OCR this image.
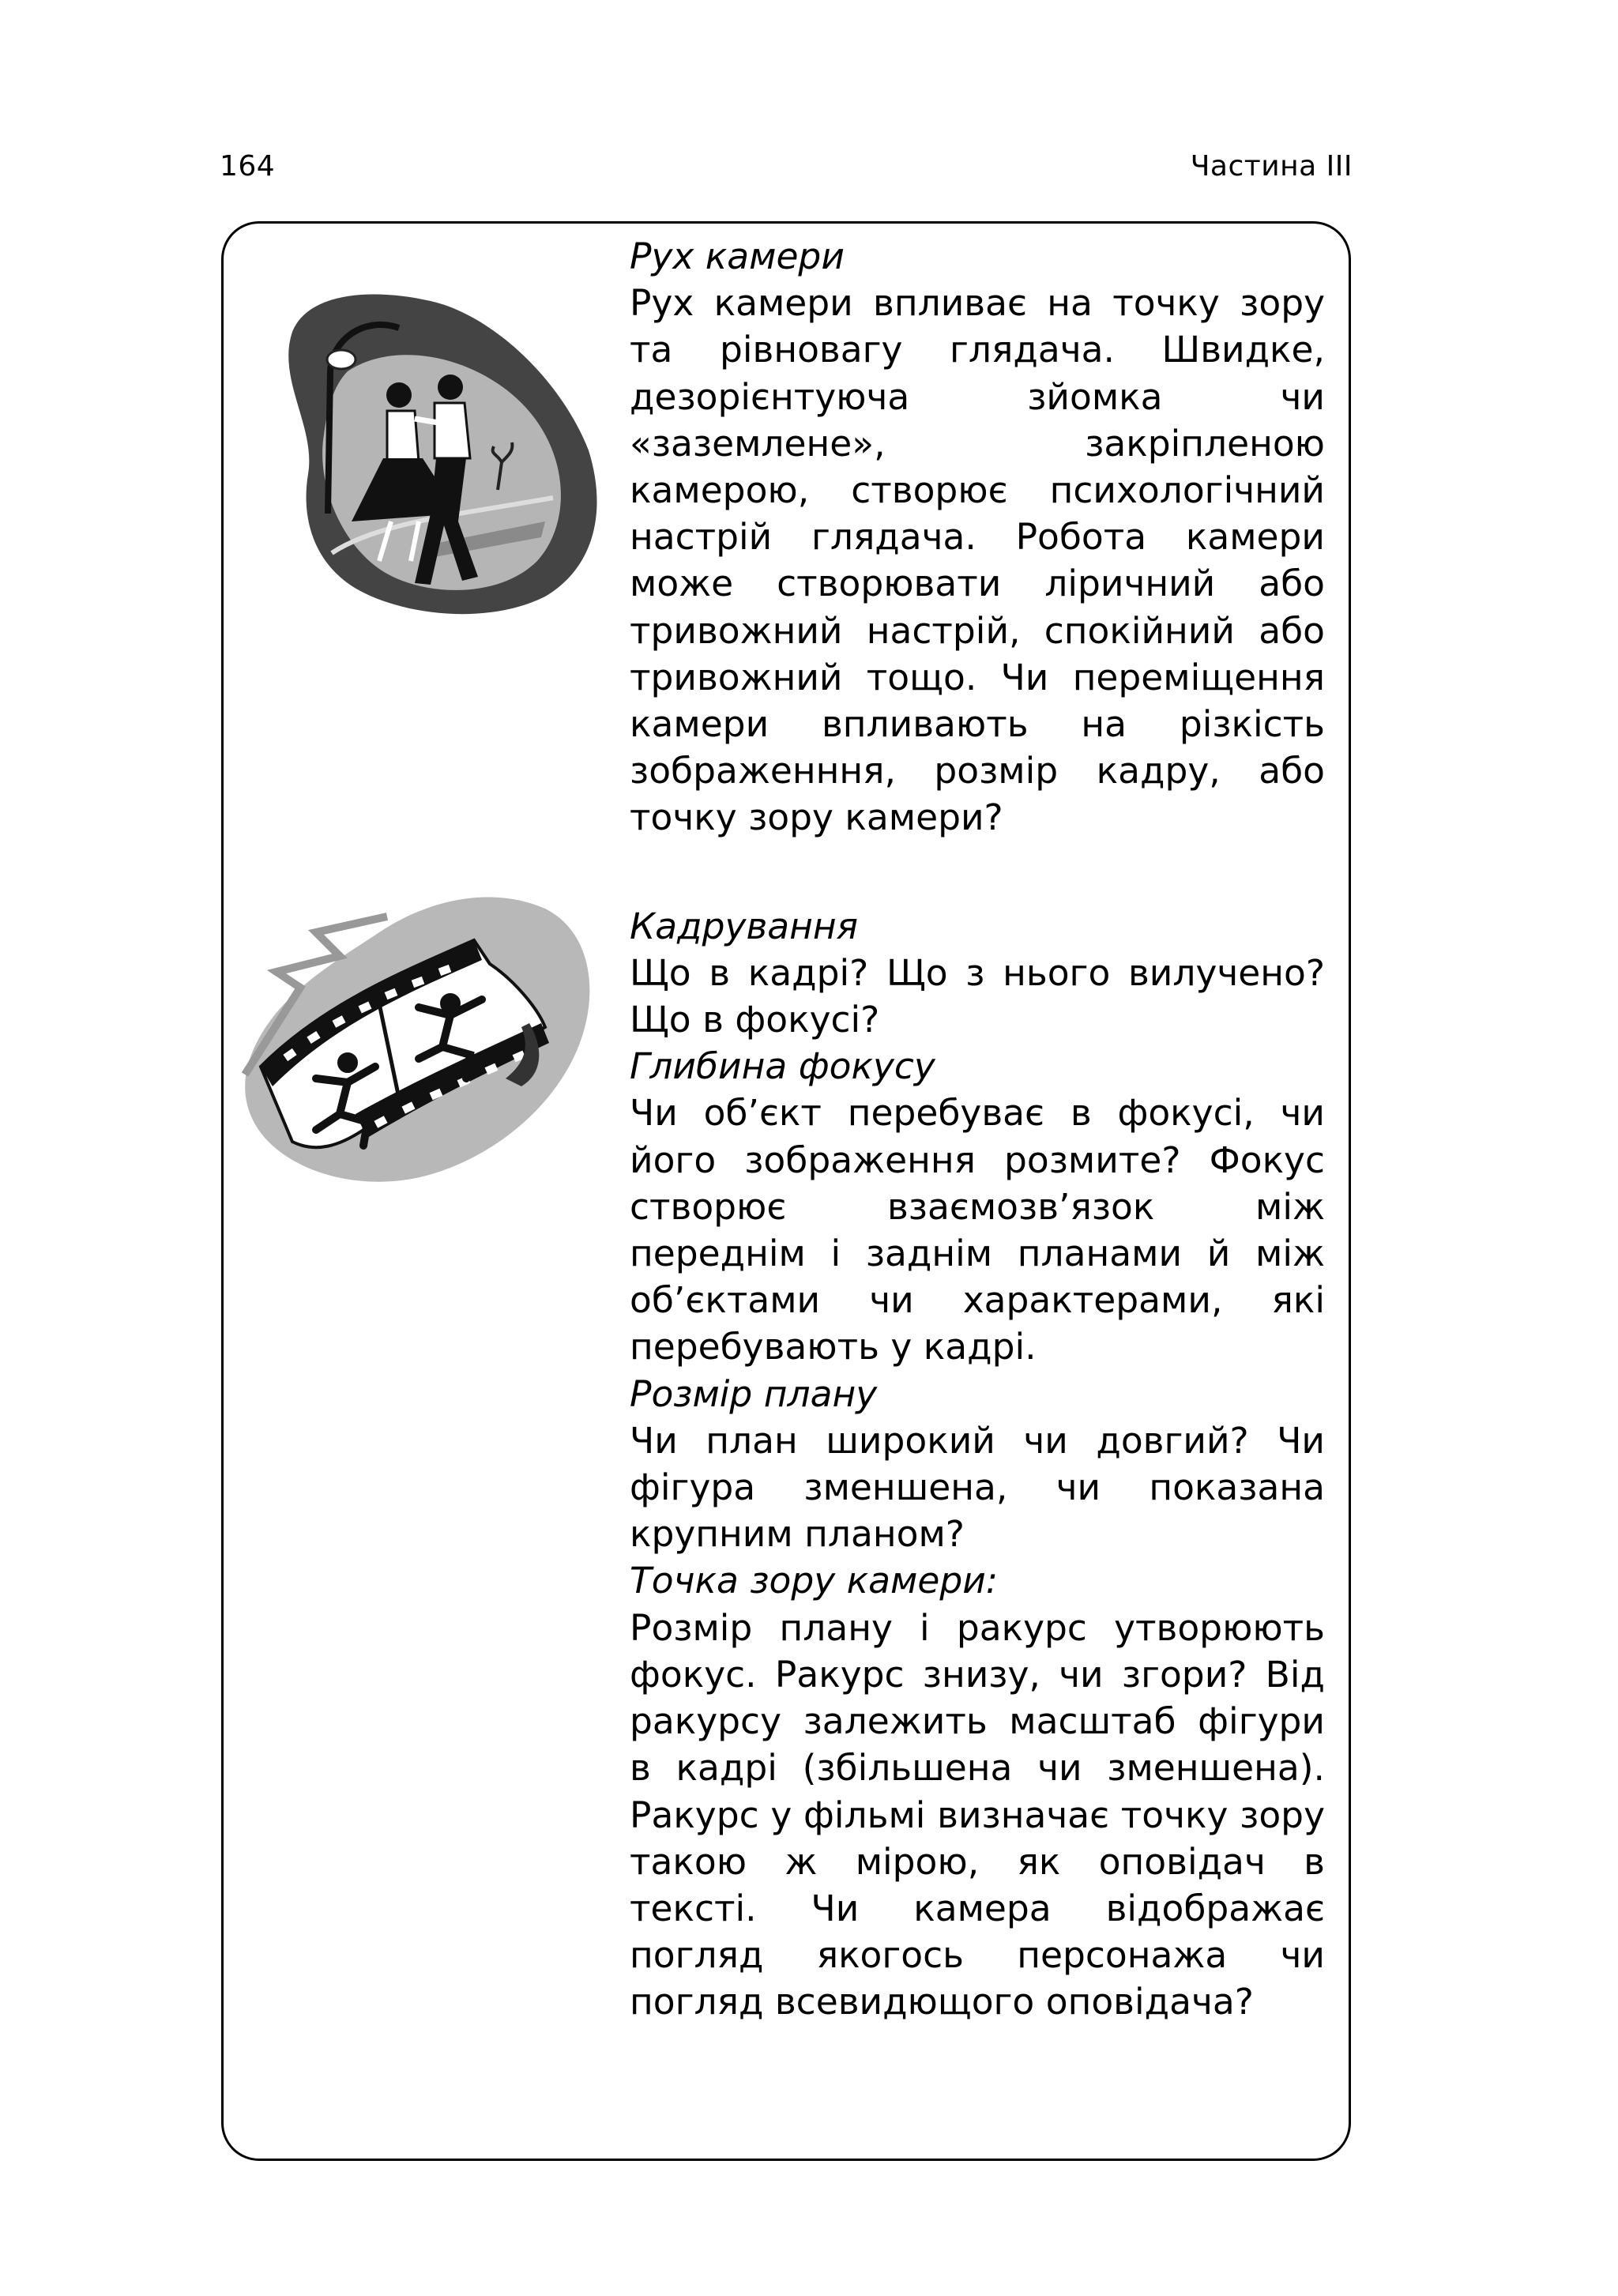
164	Частина ІІІ
Рух камери
Рух камери впливає на точку зору та рівновагу глядача. Швидке, дезорієнтуюча зйомка чи «заземлене», закріпленою камерою, створює психологічний настрій глядача. Робота камери може створювати ліричний або тривожний настрій, спокійний або тривожний тощо. Чи переміщення камери впливають на різкість зображенння, розмір кадру, або точку зору камери?
Кадрування
Що в кадрі? Що з нього вилучено? Що в фокусі?
Глибина фокусу
Чи об’єкт перебуває в фокусі, чи його зображення розмите? Фокус створює взаємозв’язок між переднім і заднім планами й між об’єктами чи характерами, які перебувають у кадрі.
Розмір плану
Чи план широкий чи довгий? Чи фігура зменшена, чи показана крупним планом?
Точка зору камери:
Розмір плану і ракурс утворюють фокус. Ракурс знизу, чи згори? Від ракурсу залежить масштаб фігури в кадрі (збільшена чи зменшена). Ракурс у фільмі визначає точку зору такою ж мірою, як оповідач в тексті. Чи камера відображає погляд якогось персонажа чи погляд всевидющого оповідача?
